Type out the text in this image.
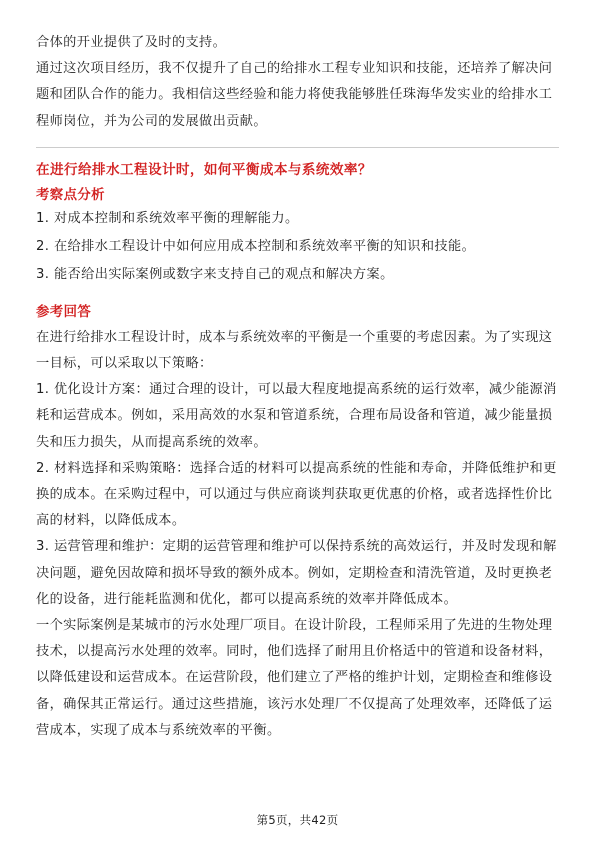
合体的开业提供了及时的支持。

通过这次项目经历，我不仅提升了自己的给排水工程专业知识和技能，还培养了解决问题和团队合作的能力。我相信这些经验和能力将使我能够胜任珠海华发实业的给排水工程师岗位，并为公司的发展做出贡献。

在进行给排水工程设计时，如何平衡成本与系统效率？

考察点分析

1. 对成本控制和系统效率平衡的理解能力。

2. 在给排水工程设计中如何应用成本控制和系统效率平衡的知识和技能。

3. 能否给出实际案例或数字来支持自己的观点和解决方案。

参考回答

在进行给排水工程设计时，成本与系统效率的平衡是一个重要的考虑因素。为了实现这一目标，可以采取以下策略：

1. 优化设计方案：通过合理的设计，可以最大程度地提高系统的运行效率，减少能源消耗和运营成本。例如，采用高效的水泵和管道系统，合理布局设备和管道，减少能量损失和压力损失，从而提高系统的效率。

2. 材料选择和采购策略：选择合适的材料可以提高系统的性能和寿命，并降低维护和更换的成本。在采购过程中，可以通过与供应商谈判获取更优惠的价格，或者选择性价比高的材料，以降低成本。

3. 运营管理和维护：定期的运营管理和维护可以保持系统的高效运行，并及时发现和解决问题，避免因故障和损坏导致的额外成本。例如，定期检查和清洗管道，及时更换老化的设备，进行能耗监测和优化，都可以提高系统的效率并降低成本。

一个实际案例是某城市的污水处理厂项目。在设计阶段，工程师采用了先进的生物处理技术，以提高污水处理的效率。同时，他们选择了耐用且价格适中的管道和设备材料，以降低建设和运营成本。在运营阶段，他们建立了严格的维护计划，定期检查和维修设备，确保其正常运行。通过这些措施，该污水处理厂不仅提高了处理效率，还降低了运营成本，实现了成本与系统效率的平衡。

第5页，共42页
